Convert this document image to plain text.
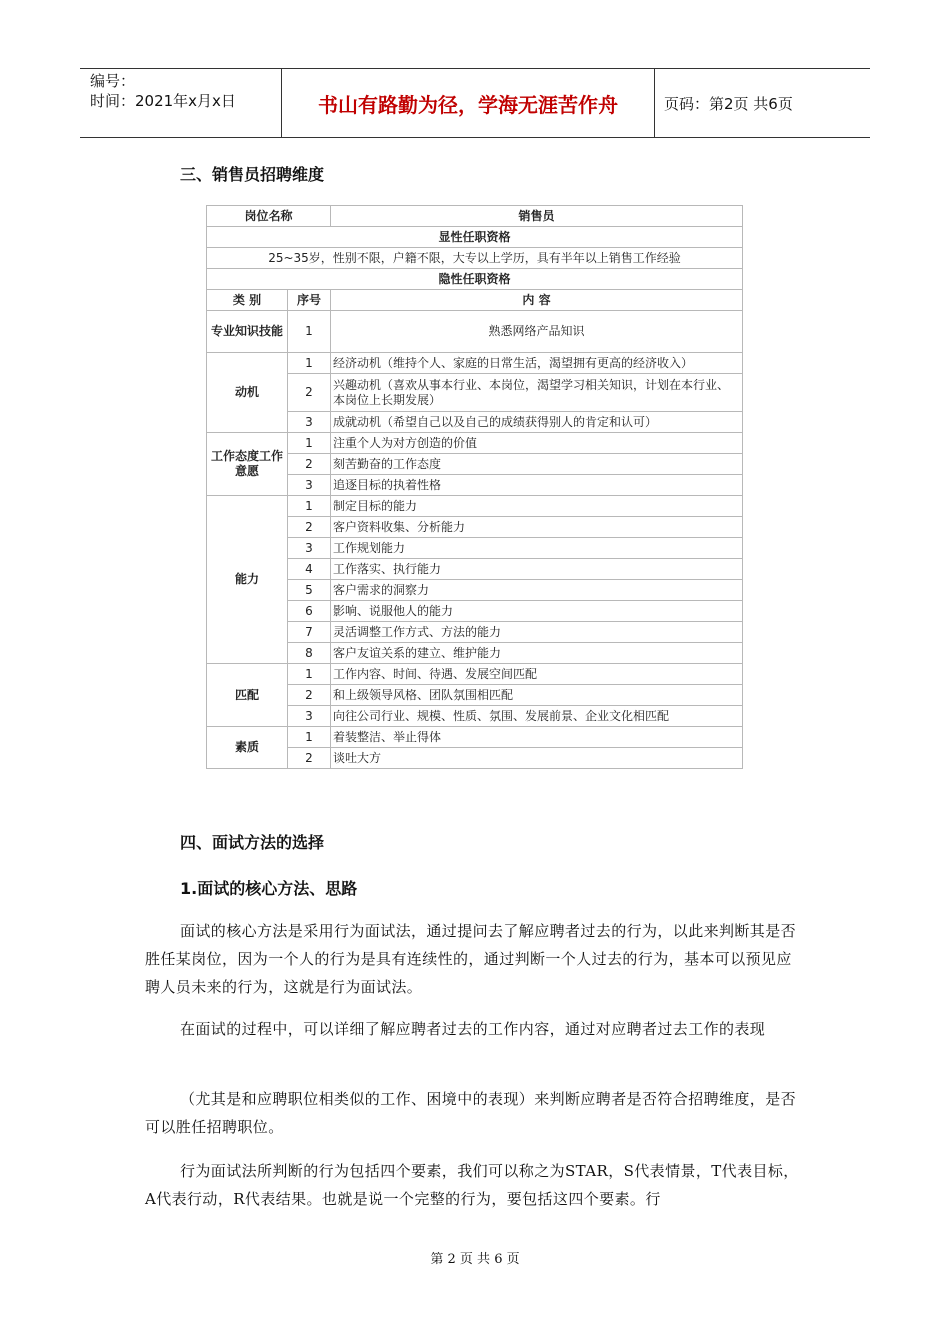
编号：
时间：2021年x月x日	书山有路勤为径，学海无涯苦作舟	页码：第2页 共6页
三、销售员招聘维度
岗位名称		销售员
显性任职资格		
25~35岁，性别不限，户籍不限，大专以上学历，具有半年以上销售工作经验		
隐性任职资格		
类 别	序号	内 容
专业知识技能	1	熟悉网络产品知识
动机	1	经济动机（维持个人、家庭的日常生活，渴望拥有更高的经济收入）
	2	兴趣动机（喜欢从事本行业、本岗位，渴望学习相关知识，计划在本行业、本岗位上长期发展）
	3	成就动机（希望自己以及自己的成绩获得别人的肯定和认可）
工作态度工作意愿	1	注重个人为对方创造的价值
	2	刻苦勤奋的工作态度
	3	追逐目标的执着性格
能力	1	制定目标的能力
	2	客户资料收集、分析能力
	3	工作规划能力
	4	工作落实、执行能力
	5	客户需求的洞察力
	6	影响、说服他人的能力
	7	灵活调整工作方式、方法的能力
	8	客户友谊关系的建立、维护能力
匹配	1	工作内容、时间、待遇、发展空间匹配
	2	和上级领导风格、团队氛围相匹配
	3	向往公司行业、规模、性质、氛围、发展前景、企业文化相匹配
素质	1	着装整洁、举止得体
	2	谈吐大方
四、面试方法的选择
1.面试的核心方法、思路

面试的核心方法是采用行为面试法，通过提问去了解应聘者过去的行为，以此来判断其是否胜任某岗位，因为一个人的行为是具有连续性的，通过判断一个人过去的行为，基本可以预见应聘人员未来的行为，这就是行为面试法。

在面试的过程中，可以详细了解应聘者过去的工作内容，通过对应聘者过去工作的表现

（尤其是和应聘职位相类似的工作、困境中的表现）来判断应聘者是否符合招聘维度，是否可以胜任招聘职位。

行为面试法所判断的行为包括四个要素，我们可以称之为STAR，S代表情景，T代表目标，A代表行动，R代表结果。也就是说一个完整的行为，要包括这四个要素。行

第 2 页 共 6 页
